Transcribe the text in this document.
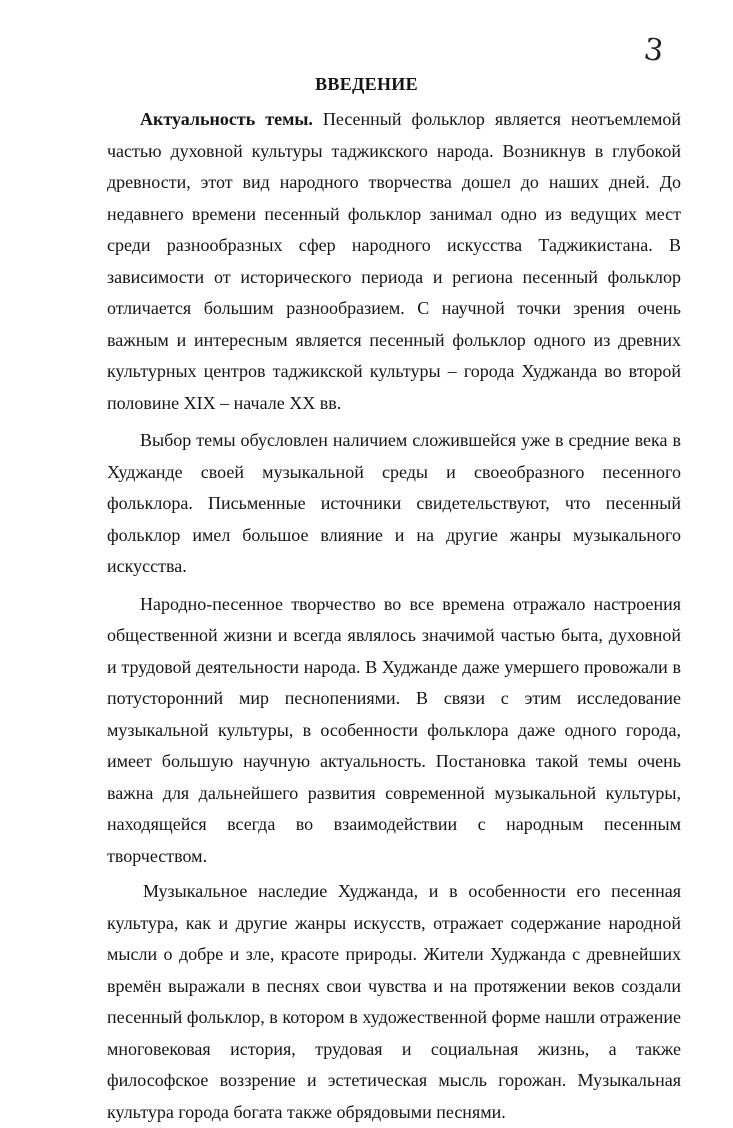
3
ВВЕДЕНИЕ

Актуальность темы. Песенный фольклор является неотъемлемой частью духовной культуры таджикского народа. Возникнув в глубокой древности, этот вид народного творчества дошел до наших дней. До недавнего времени песенный фольклор занимал одно из ведущих мест среди разнообразных сфер народного искусства Таджикистана. В зависимости от исторического периода и региона песенный фольклор отличается большим разнообразием. С научной точки зрения очень важным и интересным является песенный фольклор одного из древних культурных центров таджикской культуры – города Худжанда во второй половине XIX – начале XX вв.

Выбор темы обусловлен наличием сложившейся уже в средние века в Худжанде своей музыкальной среды и своеобразного песенного фольклора. Письменные источники свидетельствуют, что песенный фольклор имел большое влияние и на другие жанры музыкального искусства.

Народно-песенное творчество во все времена отражало настроения общественной жизни и всегда являлось значимой частью быта, духовной и трудовой деятельности народа. В Худжанде даже умершего провожали в потусторонний мир песнопениями. В связи с этим исследование музыкальной культуры, в особенности фольклора даже одного города, имеет большую научную актуальность. Постановка такой темы очень важна для дальнейшего развития современной музыкальной культуры, находящейся всегда во взаимодействии с народным песенным творчеством.

Музыкальное наследие Худжанда, и в особенности его песенная культура, как и другие жанры искусств, отражает содержание народной мысли о добре и зле, красоте природы. Жители Худжанда с древнейших времён выражали в песнях свои чувства и на протяжении веков создали песенный фольклор, в котором в художественной форме нашли отражение многовековая история, трудовая и социальная жизнь, а также философское воззрение и эстетическая мысль горожан. Музыкальная культура города богата также обрядовыми песнями.
